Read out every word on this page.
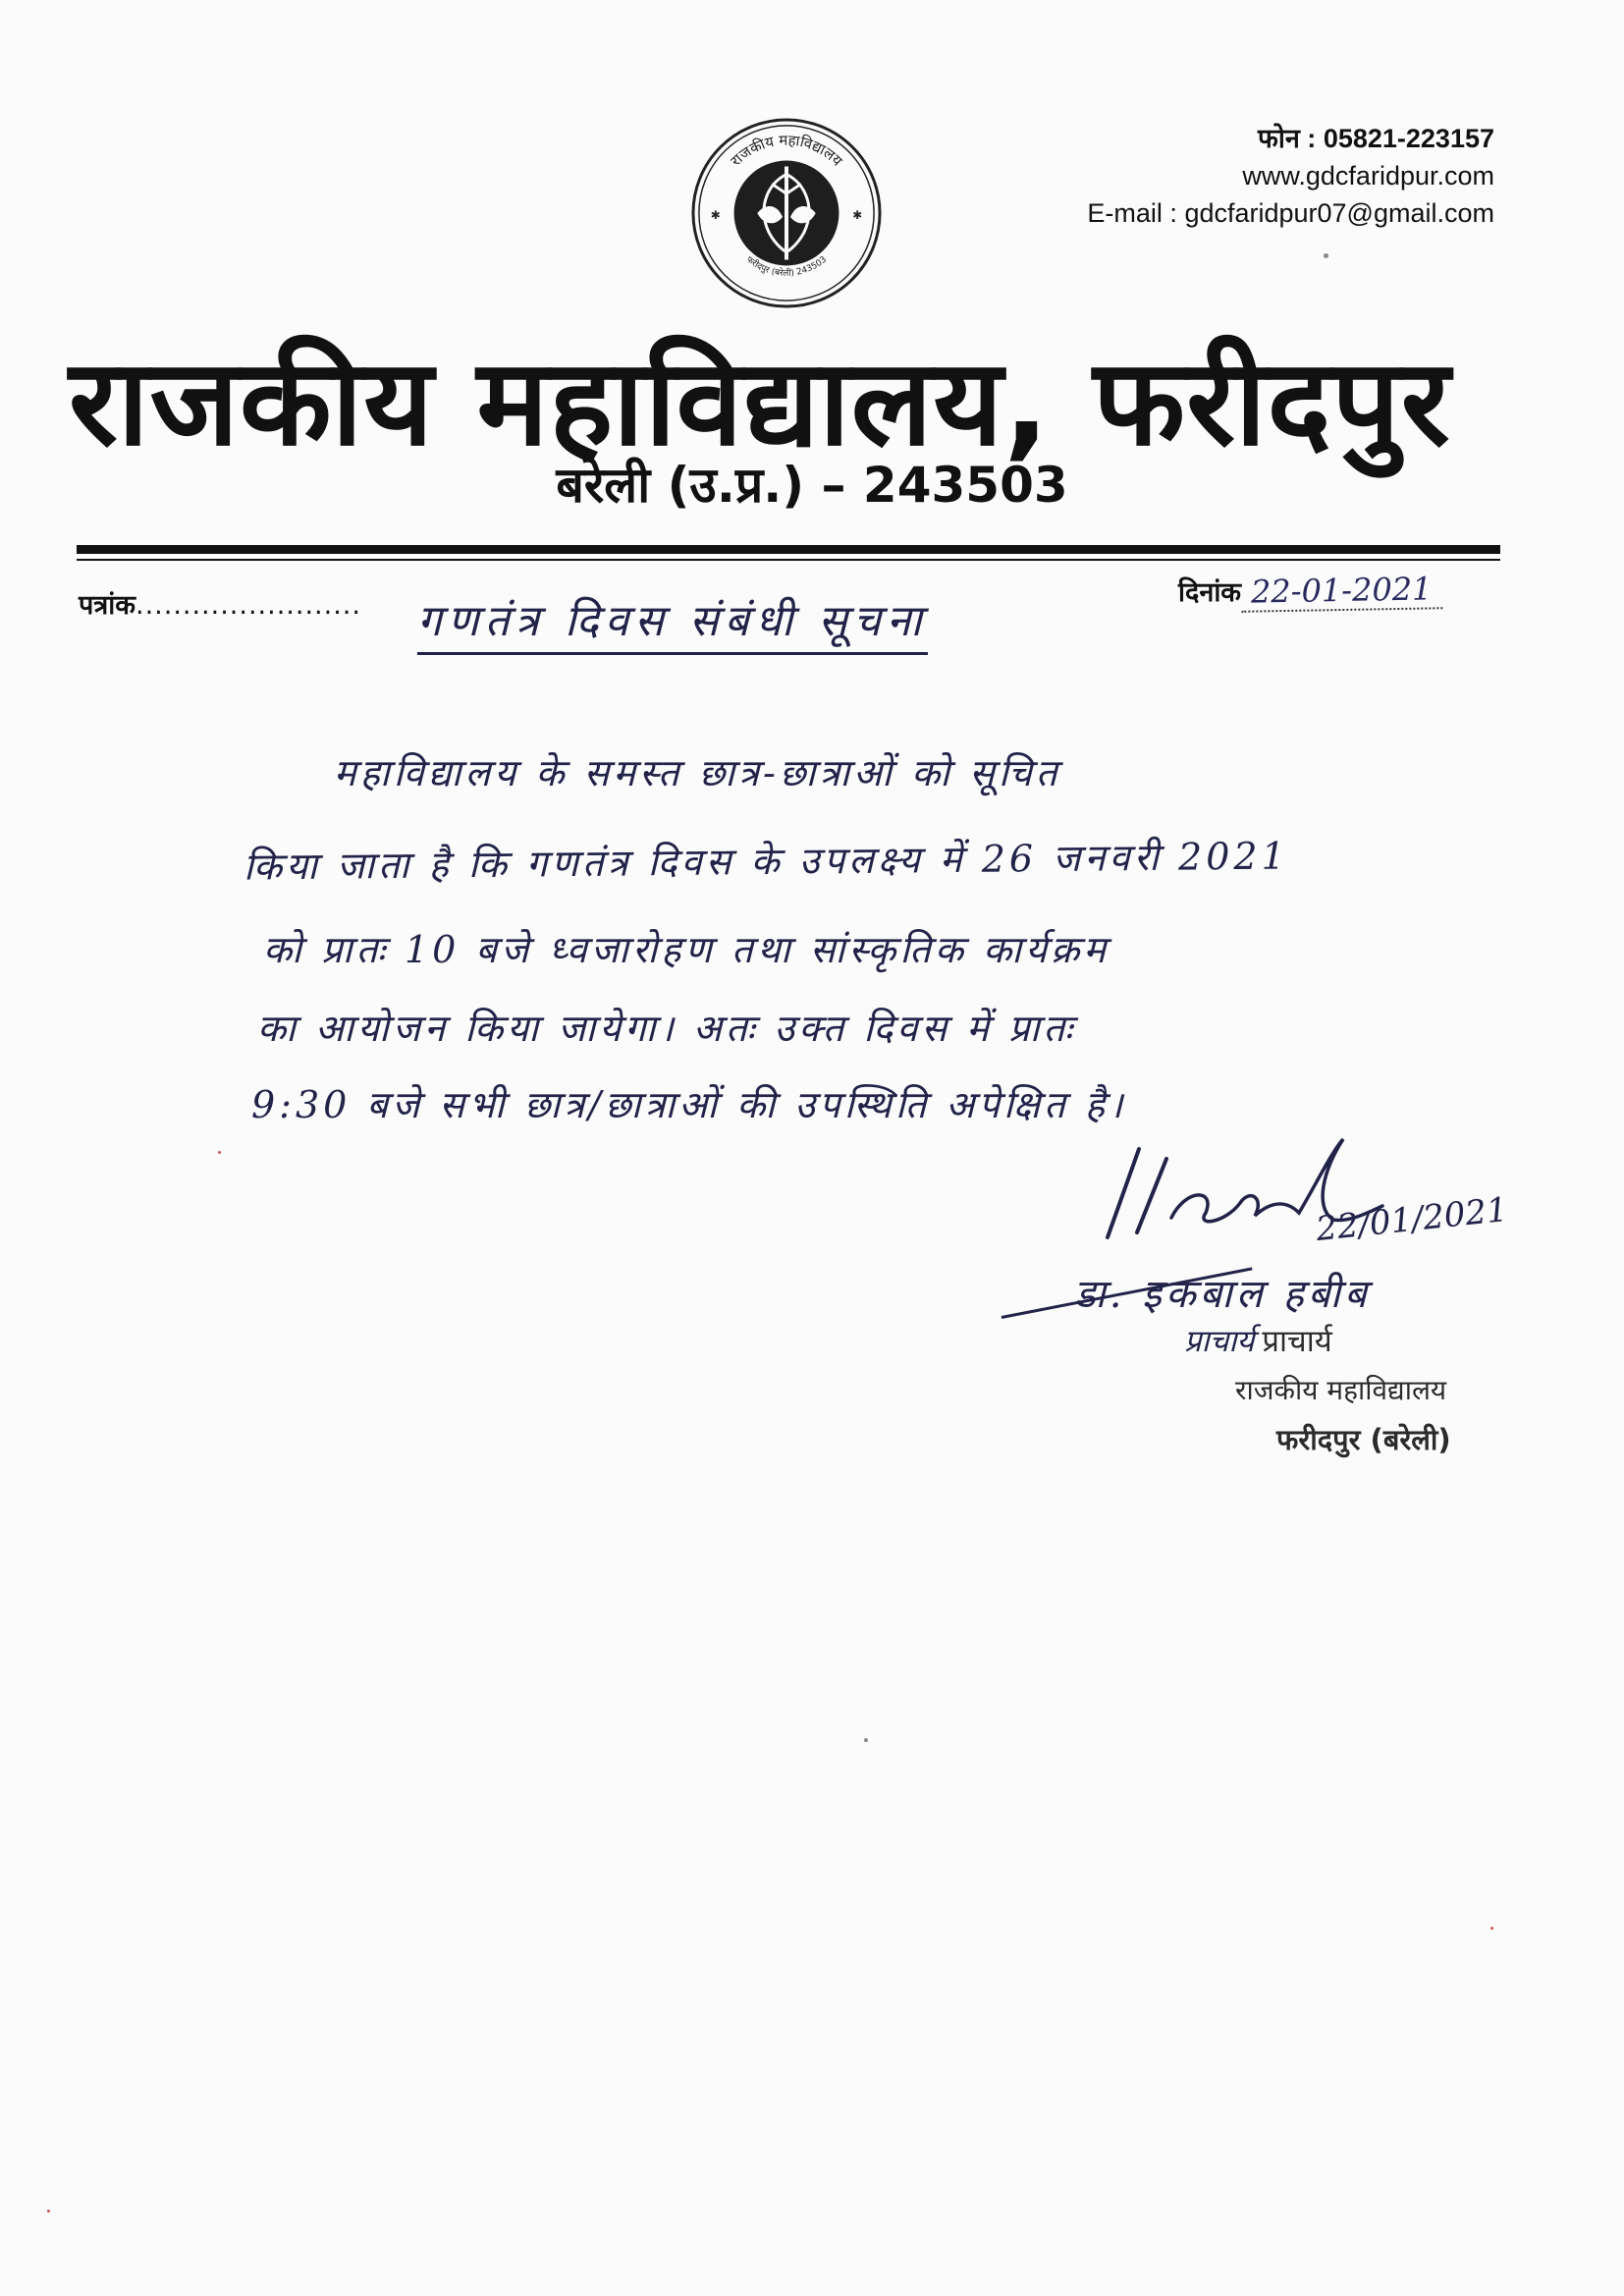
राजकीय महाविद्यालय
फरीदपुर (बरेली) 243503
✱	✱
फोन : 05821-223157
www.gdcfaridpur.com
E-mail : gdcfaridpur07@gmail.com
राजकीय महाविद्यालय, फरीदपुर
बरेली (उ.प्र.) – 243503
पत्रांक........................	दिनांक 22-01-2021
गणतंत्र दिवस संबंधी सूचना
महाविद्यालय के समस्त छात्र-छात्राओं को सूचित
किया जाता है कि गणतंत्र दिवस के उपलक्ष्य में 26 जनवरी 2021
को प्रातः 10 बजे ध्वजारोहण तथा सांस्कृतिक कार्यक्रम
का आयोजन किया जायेगा। अतः उक्त दिवस में प्रातः
9:30 बजे सभी छात्र/छात्राओं की उपस्थिति अपेक्षित है।
22/01/2021
डा. इकबाल हबीब
प्राचार्य प्राचार्य
राजकीय महाविद्यालय
फरीदपुर (बरेली)
